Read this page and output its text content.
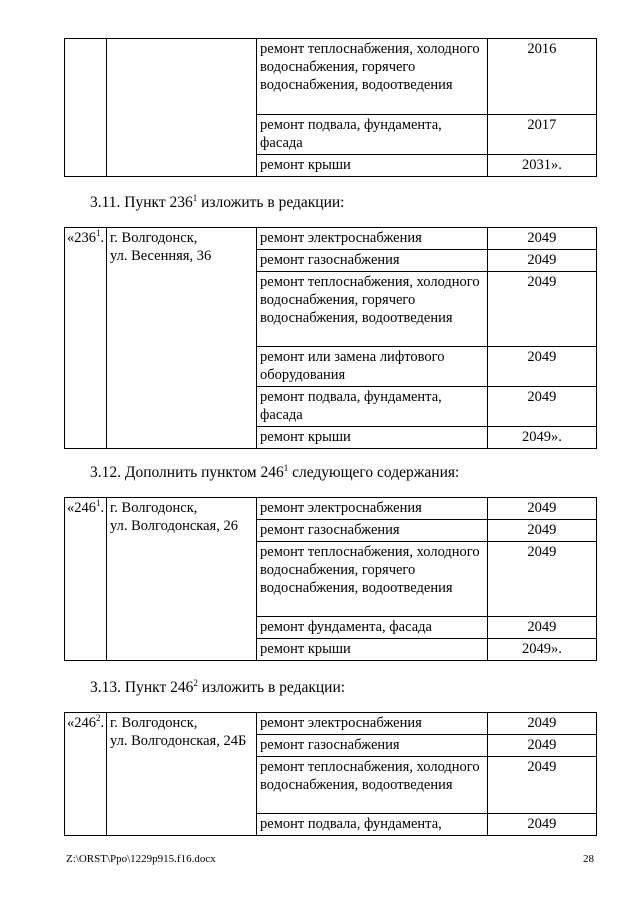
		ремонт теплоснабжения, холодного водоснабжения, горячего водоснабжения, водоотведения	2016
		ремонт подвала, фундамента, фасада	2017
		ремонт крыши	2031».
3.11. Пункт $236^1$ изложить в редакции:
«$236^1$.	г. Волгодонск,
ул. Весенняя, 36	ремонт электроснабжения	2049
		ремонт газоснабжения	2049
		ремонт теплоснабжения, холодного водоснабжения, горячего водоснабжения, водоотведения	2049
		ремонт или замена лифтового оборудования	2049
		ремонт подвала, фундамента, фасада	2049
		ремонт крыши	2049».
3.12. Дополнить пунктом $246^1$ следующего содержания:
«$246^1$.	г. Волгодонск,
ул. Волгодонская, 26	ремонт электроснабжения	2049
		ремонт газоснабжения	2049
		ремонт теплоснабжения, холодного водоснабжения, горячего водоснабжения, водоотведения	2049
		ремонт фундамента, фасада	2049
		ремонт крыши	2049».
3.13. Пункт $246^2$ изложить в редакции:
«$246^2$.	г. Волгодонск,
ул. Волгодонская, 24Б	ремонт электроснабжения	2049
		ремонт газоснабжения	2049
		ремонт теплоснабжения, холодного водоснабжения, водоотведения	2049
		ремонт подвала, фундамента,	2049
Z:\ORST\Ppo\1229p915.f16.docx	28
